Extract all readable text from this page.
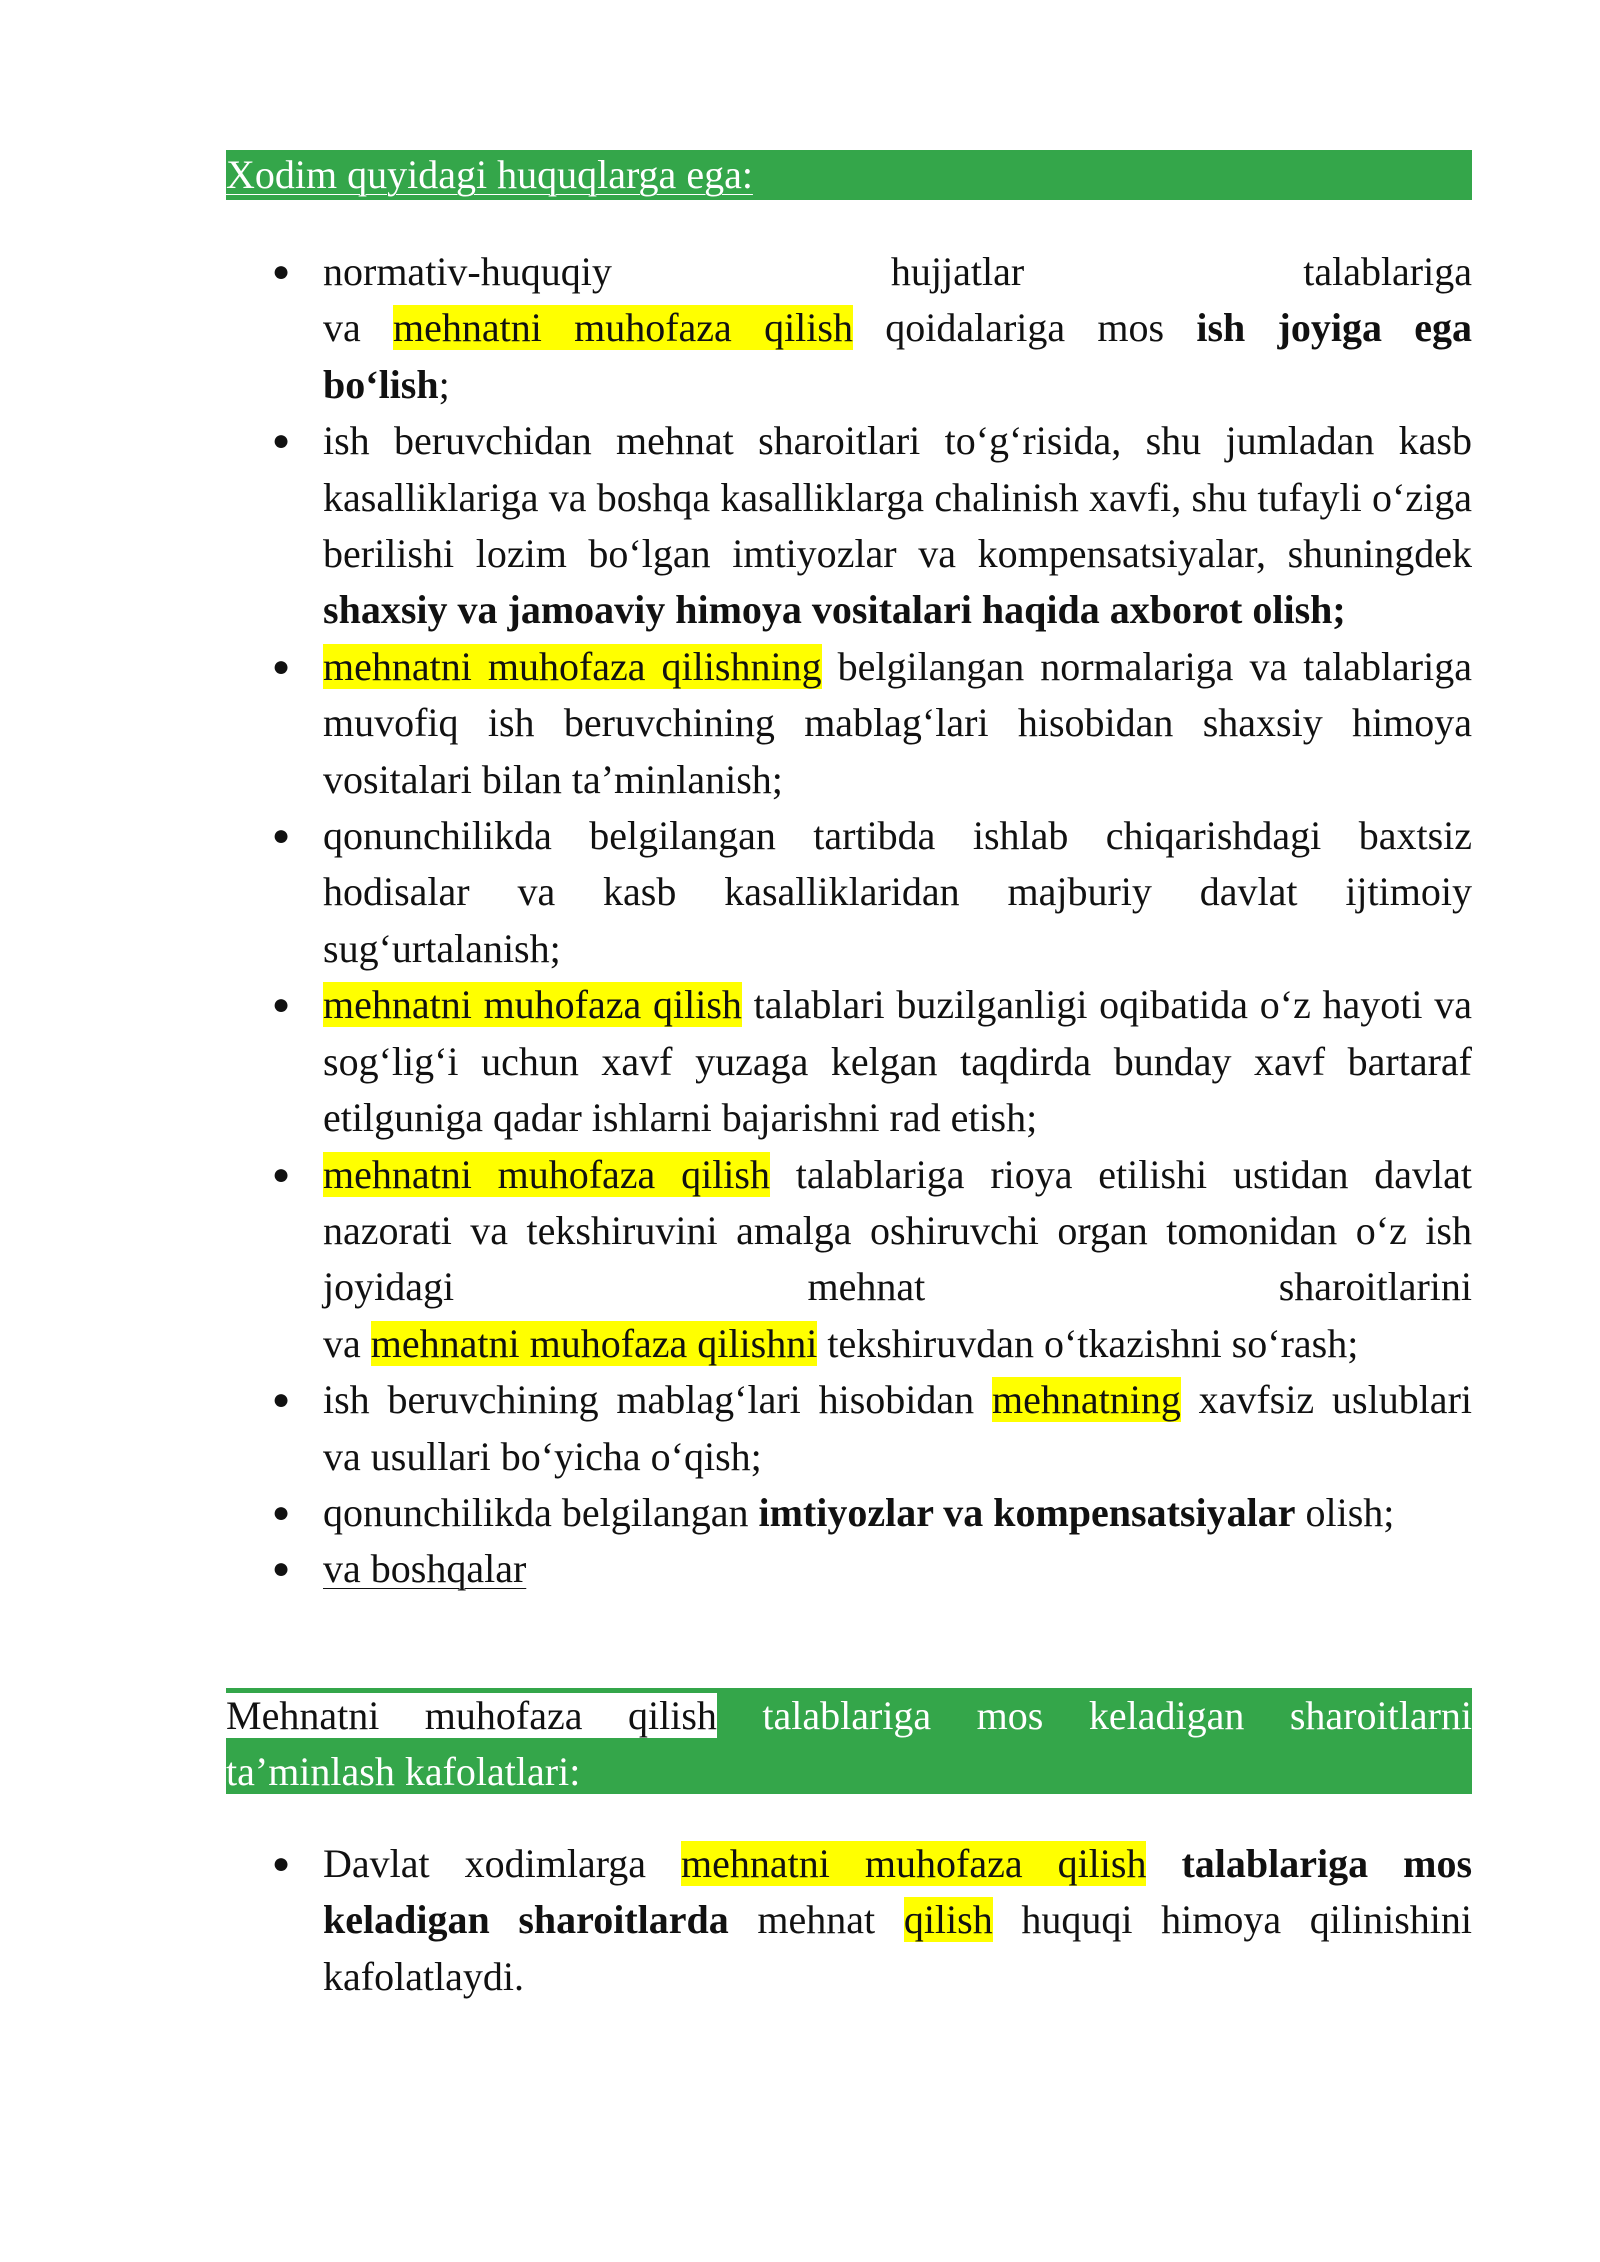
Xodim quyidagi huquqlarga ega:
● normativ-huquqiy hujjatlar talablariga
va mehnatni muhofaza qilish qoidalariga mos ish joyiga ega
bo‘lish;
● ish beruvchidan mehnat sharoitlari to‘g‘risida, shu jumladan kasb kasalliklariga va boshqa kasalliklarga chalinish xavfi, shu tufayli o‘ziga berilishi lozim bo‘lgan imtiyozlar va kompensatsiyalar, shuningdek shaxsiy va jamoaviy himoya vositalari haqida axborot olish;
● mehnatni muhofaza qilishning belgilangan normalariga va talablariga muvofiq ish beruvchining mablag‘lari hisobidan shaxsiy himoya vositalari bilan ta’minlanish;
● qonunchilikda belgilangan tartibda ishlab chiqarishdagi baxtsiz hodisalar va kasb kasalliklaridan majburiy davlat ijtimoiy sug‘urtalanish;
● mehnatni muhofaza qilish talablari buzilganligi oqibatida o‘z hayoti va sog‘lig‘i uchun xavf yuzaga kelgan taqdirda bunday xavf bartaraf etilguniga qadar ishlarni bajarishni rad etish;
● mehnatni muhofaza qilish talablariga rioya etilishi ustidan davlat nazorati va tekshiruvini amalga oshiruvchi organ tomonidan o‘z ish joyidagi mehnat sharoitlarini
va mehnatni muhofaza qilishni tekshiruvdan o‘tkazishni so‘rash;
● ish beruvchining mablag‘lari hisobidan mehnatning xavfsiz uslublari va usullari bo‘yicha o‘qish;
● qonunchilikda belgilangan imtiyozlar va kompensatsiyalar olish;
● va boshqalar
Mehnatni muhofaza qilish talablariga mos keladigan sharoitlarni
ta’minlash kafolatlari:
● Davlat xodimlarga mehnatni muhofaza qilish talablariga mos keladigan sharoitlarda mehnat qilish huquqi himoya qilinishini kafolatlaydi.
